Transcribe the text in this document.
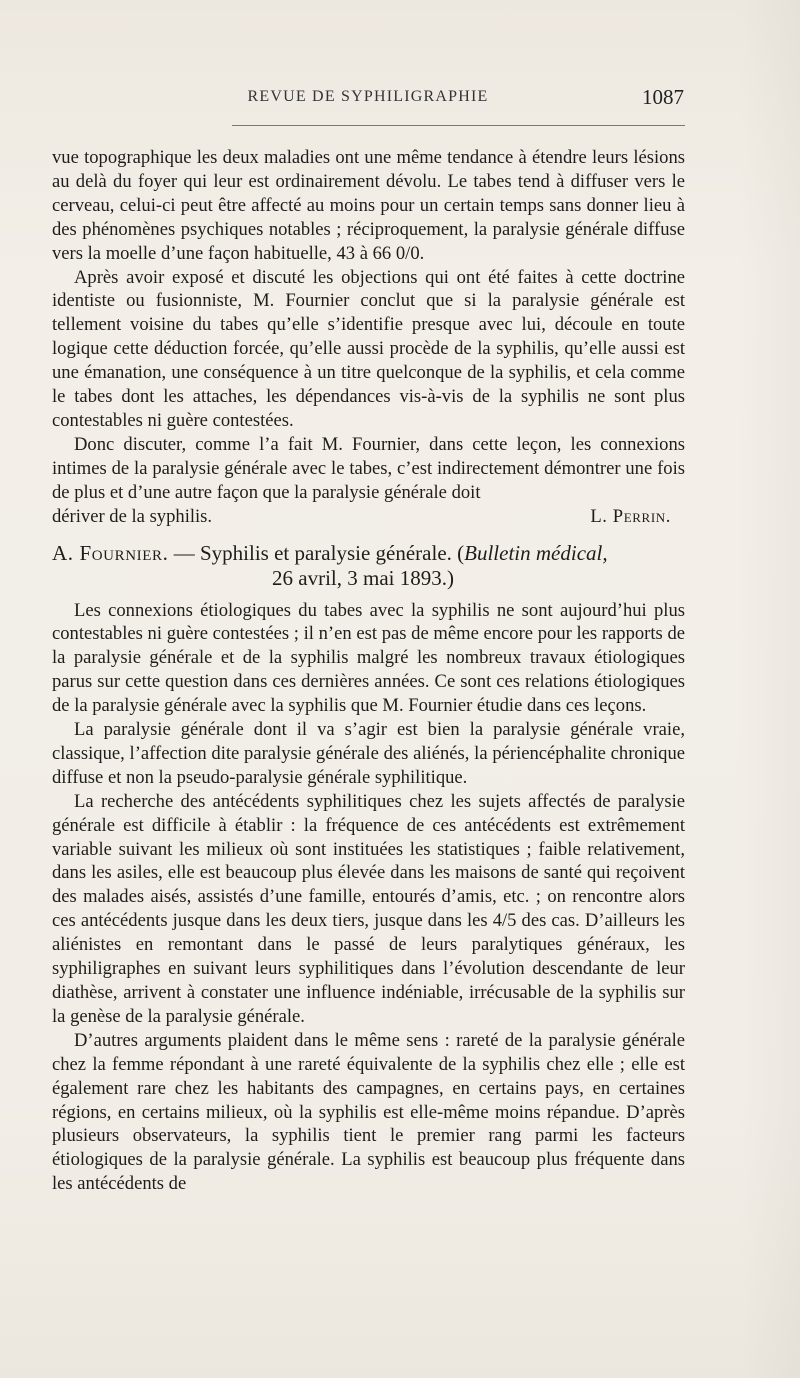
REVUE DE SYPHILIGRAPHIE	1087

vue topographique les deux maladies ont une même tendance à étendre leurs lésions au delà du foyer qui leur est ordinairement dévolu. Le tabes tend à diffuser vers le cerveau, celui-ci peut être affecté au moins pour un certain temps sans donner lieu à des phénomènes psychiques notables ; réciproquement, la paralysie générale diffuse vers la moelle d’une façon habituelle, 43 à 66 0/0.

Après avoir exposé et discuté les objections qui ont été faites à cette doctrine identiste ou fusionniste, M. Fournier conclut que si la paralysie générale est tellement voisine du tabes qu’elle s’identifie presque avec lui, découle en toute logique cette déduction forcée, qu’elle aussi procède de la syphilis, qu’elle aussi est une émanation, une conséquence à un titre quelconque de la syphilis, et cela comme le tabes dont les attaches, les dépendances vis-à-vis de la syphilis ne sont plus contestables ni guère contestées.

Donc discuter, comme l’a fait M. Fournier, dans cette leçon, les connexions intimes de la paralysie générale avec le tabes, c’est indirectement démontrer une fois de plus et d’une autre façon que la paralysie générale doit

dériver de la syphilis.	L. Perrin.
A. Fournier. — Syphilis et paralysie générale. (Bulletin médical,
26 avril, 3 mai 1893.)

Les connexions étiologiques du tabes avec la syphilis ne sont aujourd’hui plus contestables ni guère contestées ; il n’en est pas de même encore pour les rapports de la paralysie générale et de la syphilis malgré les nombreux travaux étiologiques parus sur cette question dans ces dernières années. Ce sont ces relations étiologiques de la paralysie générale avec la syphilis que M. Fournier étudie dans ces leçons.

La paralysie générale dont il va s’agir est bien la paralysie générale vraie, classique, l’affection dite paralysie générale des aliénés, la périencéphalite chronique diffuse et non la pseudo-paralysie générale syphilitique.

La recherche des antécédents syphilitiques chez les sujets affectés de paralysie générale est difficile à établir : la fréquence de ces antécédents est extrêmement variable suivant les milieux où sont instituées les statistiques ; faible relativement, dans les asiles, elle est beaucoup plus élevée dans les maisons de santé qui reçoivent des malades aisés, assistés d’une famille, entourés d’amis, etc. ; on rencontre alors ces antécédents jusque dans les deux tiers, jusque dans les 4/5 des cas. D’ailleurs les aliénistes en remontant dans le passé de leurs paralytiques généraux, les syphiligraphes en suivant leurs syphilitiques dans l’évolution descendante de leur diathèse, arrivent à constater une influence indéniable, irrécusable de la syphilis sur la genèse de la paralysie générale.

D’autres arguments plaident dans le même sens : rareté de la paralysie générale chez la femme répondant à une rareté équivalente de la syphilis chez elle ; elle est également rare chez les habitants des campagnes, en certains pays, en certaines régions, en certains milieux, où la syphilis est elle-même moins répandue. D’après plusieurs observateurs, la syphilis tient le premier rang parmi les facteurs étiologiques de la paralysie générale. La syphilis est beaucoup plus fréquente dans les antécédents de
